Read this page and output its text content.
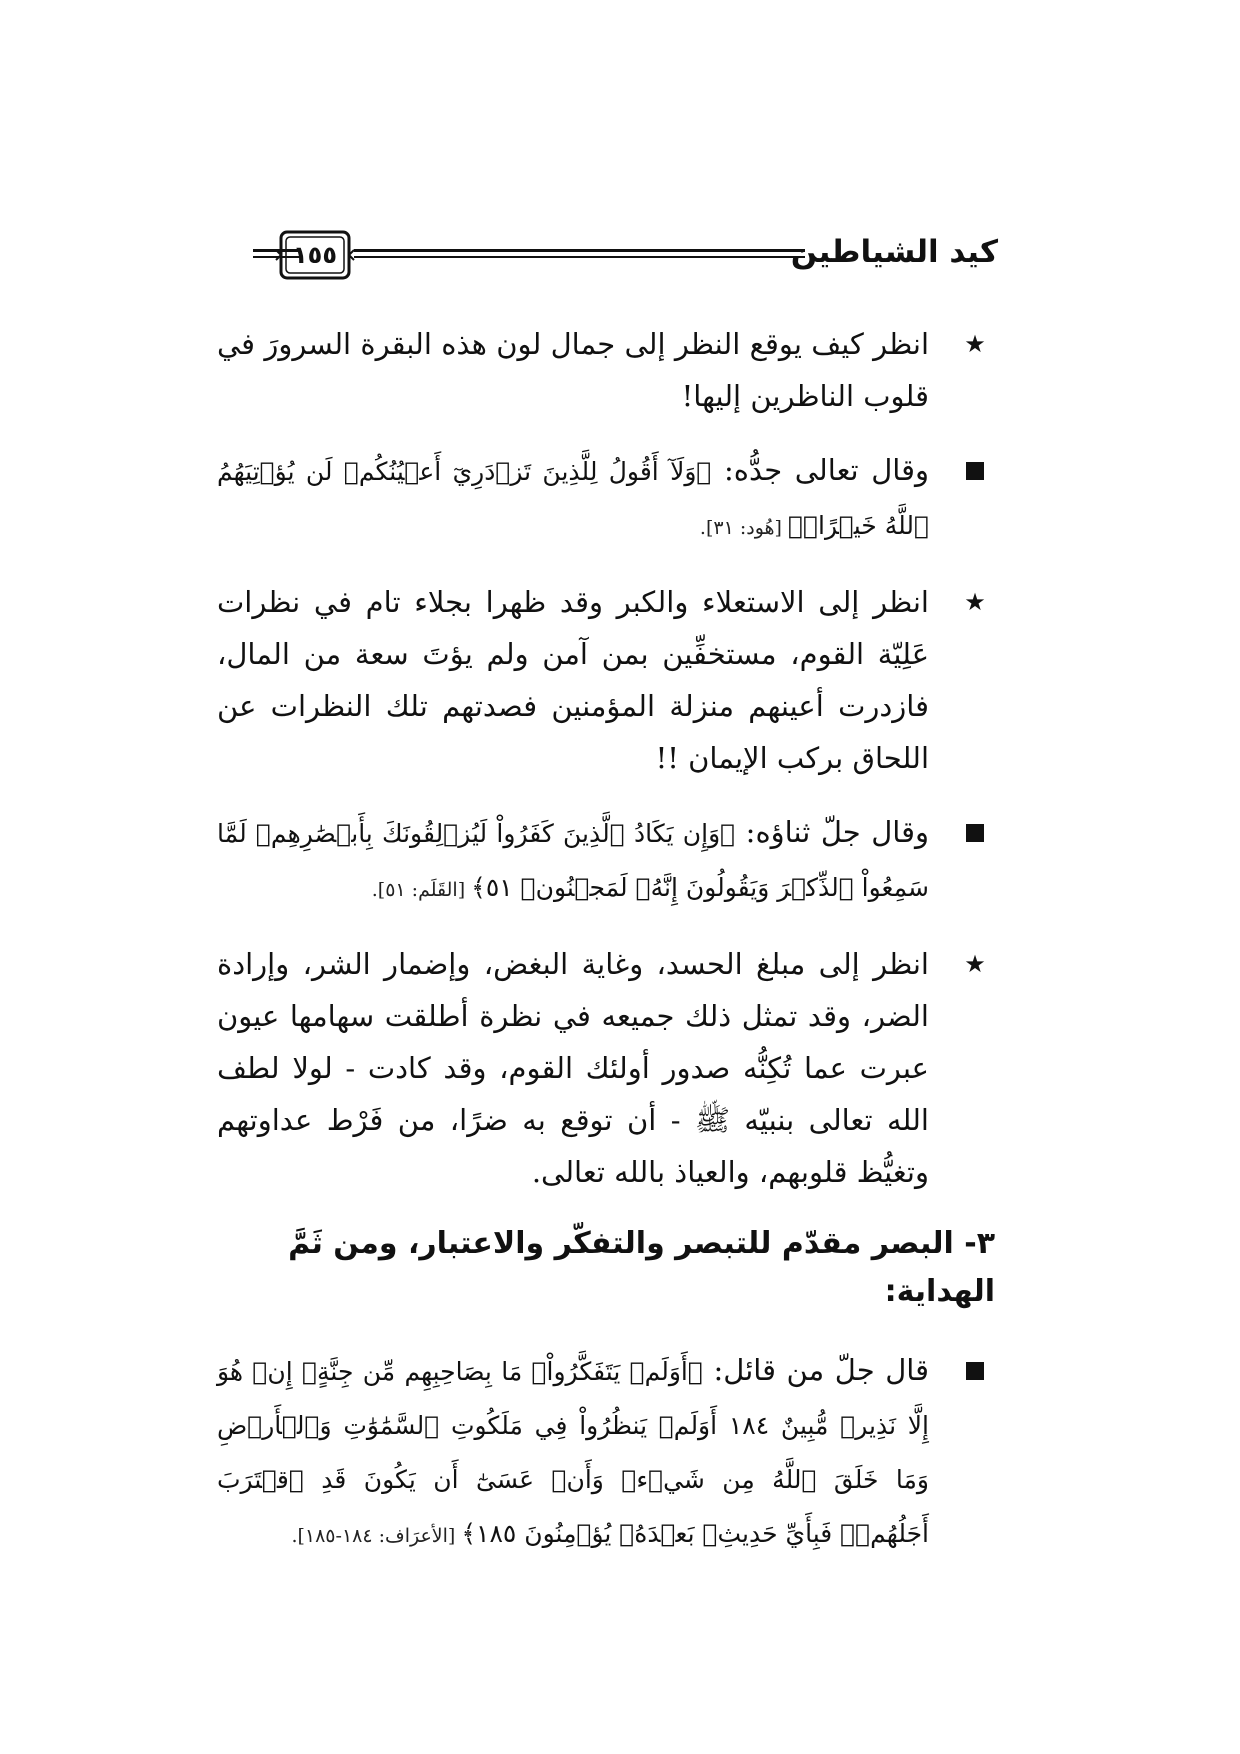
كيد الشياطين
١٥٥
★
انظر كيف يوقع النظر إلى جمال لون هذه البقرة السرورَ في قلوب الناظرين إليها!
وقال تعالى جدُّه: ﴿وَلَآ أَقُولُ لِلَّذِينَ تَزۡدَرِيٓ أَعۡيُنُكُمۡ لَن يُؤۡتِيَهُمُ ٱللَّهُ خَيۡرًاۖ﴾ [هُود: ٣١].
★
انظر إلى الاستعلاء والكبر وقد ظهرا بجلاء تام في نظرات عَلِيّة القوم، مستخفِّين بمن آمن ولم يؤتَ سعة من المال، فازدرت أعينهم منزلة المؤمنين فصدتهم تلك النظرات عن اللحاق بركب الإيمان !!
وقال جلّ ثناؤه: ﴿وَإِن يَكَادُ ٱلَّذِينَ كَفَرُواْ لَيُزۡلِقُونَكَ بِأَبۡصَٰرِهِمۡ لَمَّا سَمِعُواْ ٱلذِّكۡرَ وَيَقُولُونَ إِنَّهُۥ لَمَجۡنُونٞ ٥١﴾ [القَلَم: ٥١].
★
انظر إلى مبلغ الحسد، وغاية البغض، وإضمار الشر، وإرادة الضر، وقد تمثل ذلك جميعه في نظرة أطلقت سهامها عيون عبرت عما تُكِنُّه صدور أولئك القوم، وقد كادت - لولا لطف الله تعالى بنبيّه ﷺ - أن توقع به ضرًا، من فَرْط عداوتهم وتغيُّظ قلوبهم، والعياذ بالله تعالى.
٣- البصر مقدّم للتبصر والتفكّر والاعتبار، ومن ثَمَّ الهداية:
قال جلّ من قائل: ﴿أَوَلَمۡ يَتَفَكَّرُواْۗ مَا بِصَاحِبِهِم مِّن جِنَّةٍۚ إِنۡ هُوَ إِلَّا نَذِيرٞ مُّبِينٌ ١٨٤ أَوَلَمۡ يَنظُرُواْ فِي مَلَكُوتِ ٱلسَّمَٰوَٰتِ وَٱلۡأَرۡضِ وَمَا خَلَقَ ٱللَّهُ مِن شَيۡءٖ وَأَنۡ عَسَىٰٓ أَن يَكُونَ قَدِ ٱقۡتَرَبَ أَجَلُهُمۡۖ فَبِأَيِّ حَدِيثِۭ بَعۡدَهُۥ يُؤۡمِنُونَ ١٨٥﴾ [الأعرَاف: ١٨٤-١٨٥].
